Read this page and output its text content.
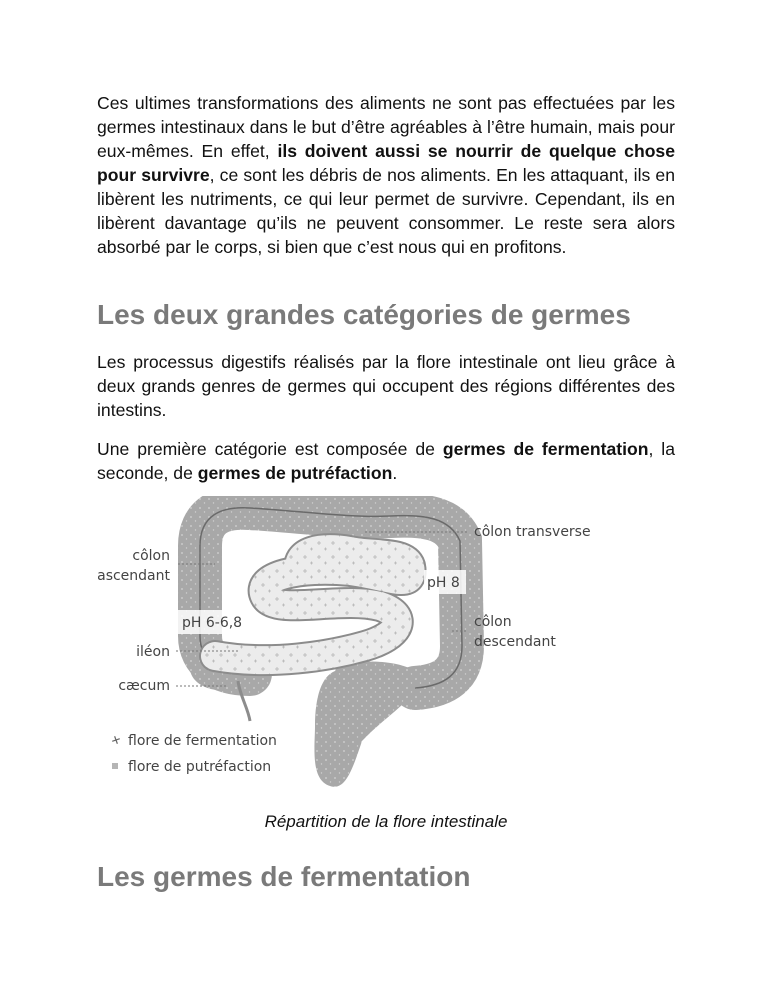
Ces ultimes transformations des aliments ne sont pas effectuées par les germes intestinaux dans le but d’être agréables à l’être humain, mais pour eux-mêmes. En effet, ils doivent aussi se nourrir de quelque chose pour survivre, ce sont les débris de nos aliments. En les attaquant, ils en libèrent les nutriments, ce qui leur permet de survivre. Cependant, ils en libèrent davantage qu’ils ne peuvent consommer. Le reste sera alors absorbé par le corps, si bien que c’est nous qui en profitons.

Les deux grandes catégories de germes

Les processus digestifs réalisés par la flore intestinale ont lieu grâce à deux grands genres de germes qui occupent des régions différentes des intestins.

Une première catégorie est composée de germes de fermentation, la seconde, de germes de putréfaction.

pH 8
pH 6-6,8
côlon transverse
côlon
ascendant
côlon
descendant
iléon
cæcum
flore de fermentation
flore de putréfaction

Répartition de la flore intestinale

Les germes de fermentation
